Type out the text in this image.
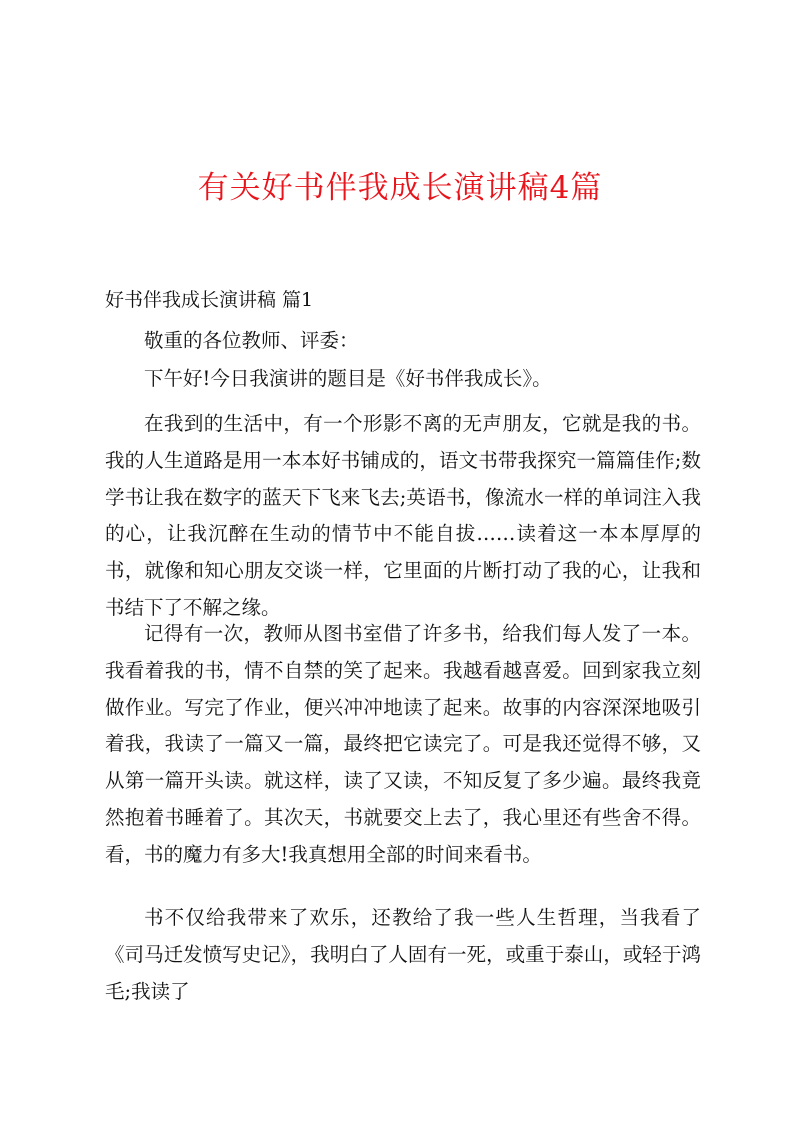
有关好书伴我成长演讲稿4篇
好书伴我成长演讲稿 篇1

敬重的各位教师、评委：

下午好!今日我演讲的题目是《好书伴我成长》。

在我到的生活中，有一个形影不离的无声朋友，它就是我的书。我的人生道路是用一本本好书铺成的，语文书带我探究一篇篇佳作;数学书让我在数字的蓝天下飞来飞去;英语书，像流水一样的单词注入我的心，让我沉醉在生动的情节中不能自拔……读着这一本本厚厚的书，就像和知心朋友交谈一样，它里面的片断打动了我的心，让我和书结下了不解之缘。

记得有一次，教师从图书室借了许多书，给我们每人发了一本。我看着我的书，情不自禁的笑了起来。我越看越喜爱。回到家我立刻做作业。写完了作业，便兴冲冲地读了起来。故事的内容深深地吸引着我，我读了一篇又一篇，最终把它读完了。可是我还觉得不够，又从第一篇开头读。就这样，读了又读，不知反复了多少遍。最终我竟然抱着书睡着了。其次天，书就要交上去了，我心里还有些舍不得。看，书的魔力有多大!我真想用全部的时间来看书。

书不仅给我带来了欢乐，还教给了我一些人生哲理，当我看了《司马迁发愤写史记》，我明白了人固有一死，或重于泰山，或轻于鸿毛;我读了
